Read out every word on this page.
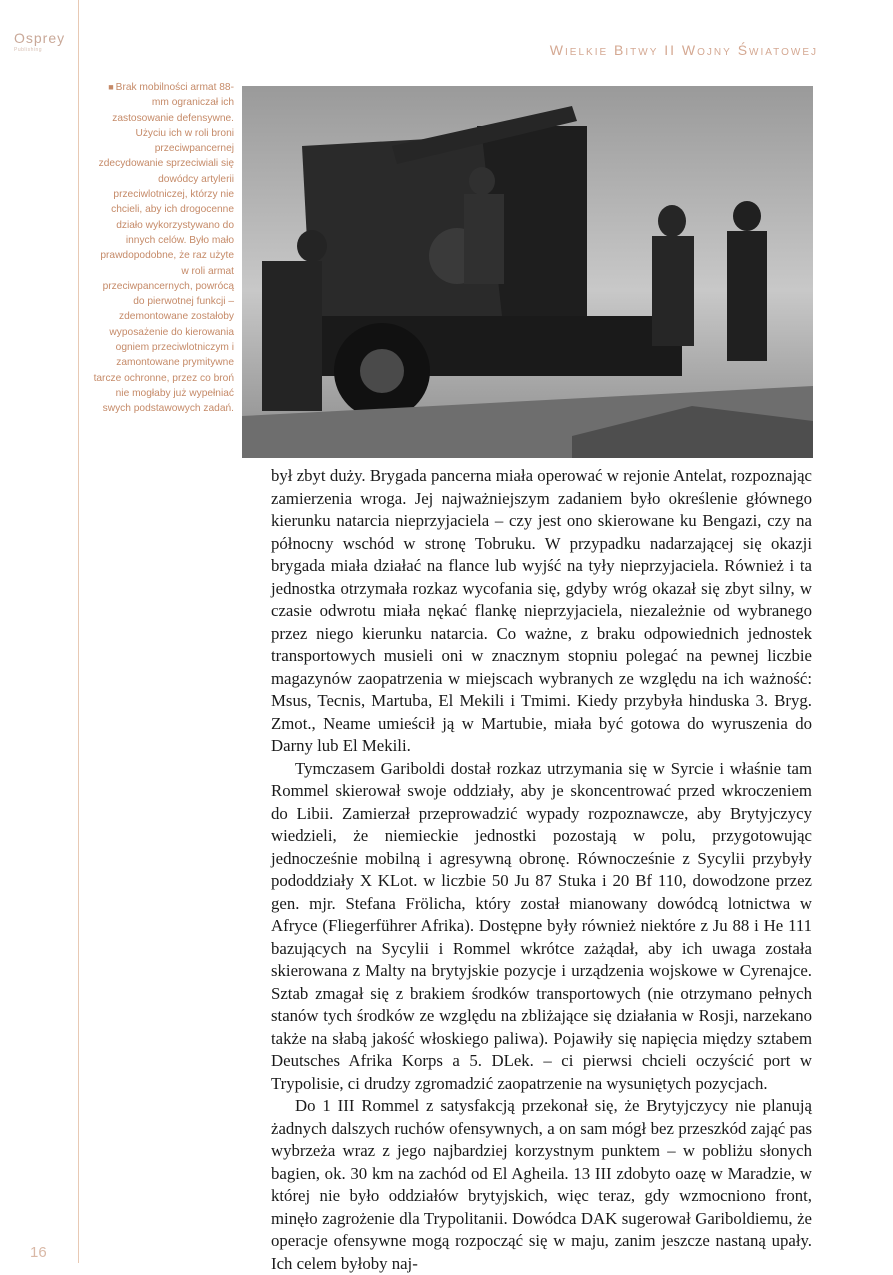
Osprey
Publishing	Wielkie Bitwy II Wojny Światowej
■ Brak mobilności armat 88-mm ograniczał ich zastosowanie defensywne. Użyciu ich w roli broni przeciwpancernej zdecydowanie sprzeciwiali się dowódcy artylerii przeciwlotniczej, którzy nie chcieli, aby ich drogocenne działo wykorzystywano do innych celów. Było mało prawdopodobne, że raz użyte w roli armat przeciwpancernych, powrócą do pierwotnej funkcji – zdemontowane zostałoby wyposażenie do kierowania ogniem przeciwlotniczym i zamontowane prymitywne tarcze ochronne, przez co broń nie mogłaby już wypełniać swych podstawowych zadań.

był zbyt duży. Brygada pancerna miała operować w rejonie Antelat, rozpoznając zamierzenia wroga. Jej najważniejszym zadaniem było określenie głównego kierunku natarcia nieprzyjaciela – czy jest ono skierowane ku Bengazi, czy na północny wschód w stronę Tobruku. W przypadku nadarzającej się okazji brygada miała działać na flance lub wyjść na tyły nieprzyjaciela. Również i ta jednostka otrzymała rozkaz wycofania się, gdyby wróg okazał się zbyt silny, w czasie odwrotu miała nękać flankę nieprzyjaciela, niezależnie od wybranego przez niego kierunku natarcia. Co ważne, z braku odpowiednich jednostek transportowych musieli oni w znacznym stopniu polegać na pewnej liczbie magazynów zaopatrzenia w miejscach wybranych ze względu na ich ważność: Msus, Tecnis, Martuba, El Mekili i Tmimi. Kiedy przybyła hinduska 3. Bryg. Zmot., Neame umieścił ją w Martubie, miała być gotowa do wyruszenia do Darny lub El Mekili.

Tymczasem Gariboldi dostał rozkaz utrzymania się w Syrcie i właśnie tam Rommel skierował swoje oddziały, aby je skoncentrować przed wkroczeniem do Libii. Zamierzał przeprowadzić wypady rozpoznawcze, aby Brytyjczycy wiedzieli, że niemieckie jednostki pozostają w polu, przygotowując jednocześnie mobilną i agresywną obronę. Równocześnie z Sycylii przybyły pododdziały X KLot. w liczbie 50 Ju 87 Stuka i 20 Bf 110, dowodzone przez gen. mjr. Stefana Frölicha, który został mianowany dowódcą lotnictwa w Afryce (Fliegerführer Afrika). Dostępne były również niektóre z Ju 88 i He 111 bazujących na Sycylii i Rommel wkrótce zażądał, aby ich uwaga została skierowana z Malty na brytyjskie pozycje i urządzenia wojskowe w Cyrenajce. Sztab zmagał się z brakiem środków transportowych (nie otrzymano pełnych stanów tych środków ze względu na zbliżające się działania w Rosji, narzekano także na słabą jakość włoskiego paliwa). Pojawiły się napięcia między sztabem Deutsches Afrika Korps a 5. DLek. – ci pierwsi chcieli oczyścić port w Trypolisie, ci drudzy zgromadzić zaopatrzenie na wysuniętych pozycjach.

Do 1 III Rommel z satysfakcją przekonał się, że Brytyjczycy nie planują żadnych dalszych ruchów ofensywnych, a on sam mógł bez przeszkód zająć pas wybrzeża wraz z jego najbardziej korzystnym punktem – w pobliżu słonych bagien, ok. 30 km na zachód od El Agheila. 13 III zdobyto oazę w Maradzie, w której nie było oddziałów brytyjskich, więc teraz, gdy wzmocniono front, minęło zagrożenie dla Trypolitanii. Dowódca DAK sugerował Gariboldiemu, że operacje ofensywne mogą rozpocząć się w maju, zanim jeszcze nastaną upały. Ich celem byłoby naj-

16
